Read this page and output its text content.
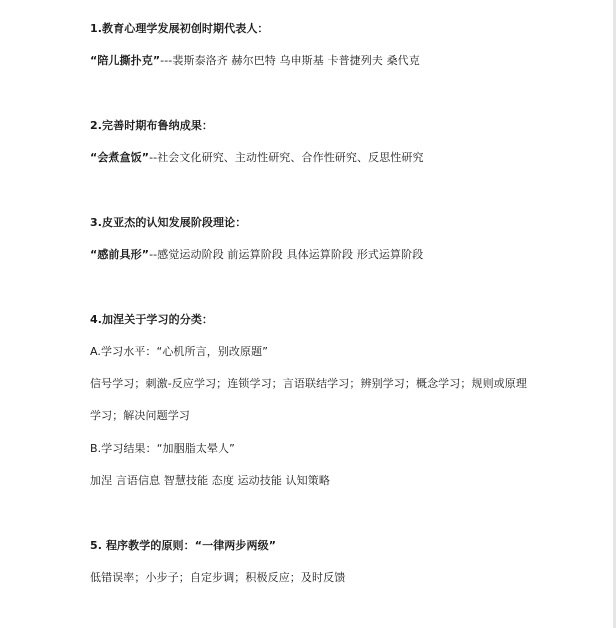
1.教育心理学发展初创时期代表人：

“陪儿撕扑克”---裴斯泰洛齐 赫尔巴特 乌申斯基 卡普捷列夫 桑代克

2.完善时期布鲁纳成果：

“会煮盒饭”--社会文化研究、主动性研究、合作性研究、反思性研究

3.皮亚杰的认知发展阶段理论：

“感前具形”--感觉运动阶段 前运算阶段 具体运算阶段 形式运算阶段

4.加涅关于学习的分类：

A.学习水平：“心机所言，别改原题”

信号学习；刺激-反应学习；连锁学习；言语联结学习；辨别学习；概念学习；规则或原理

学习；解决问题学习

B.学习结果：“加胭脂太晕人”

加涅 言语信息 智慧技能 态度 运动技能 认知策略

5. 程序教学的原则：“一律两步两级”

低错误率；小步子；自定步调；积极反应；及时反馈
